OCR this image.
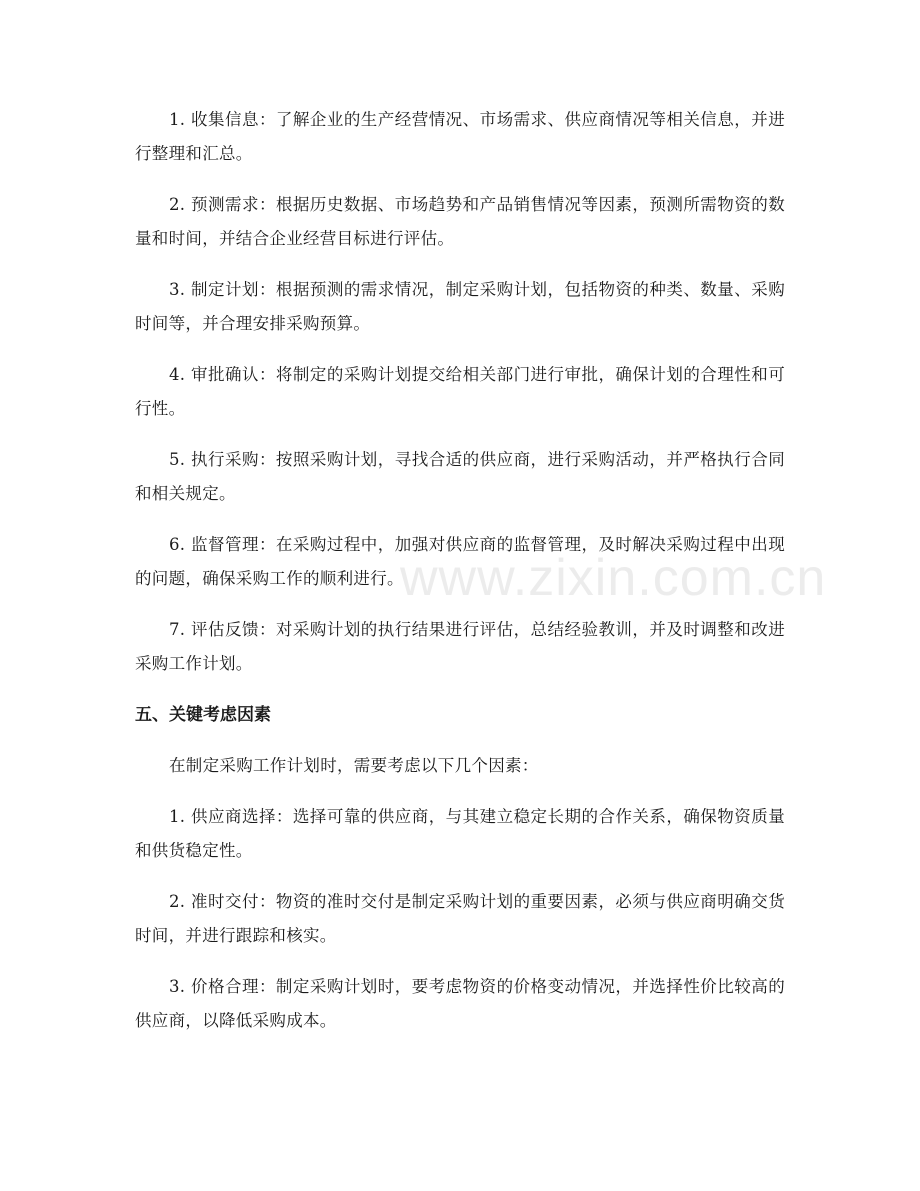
1. 收集信息：了解企业的生产经营情况、市场需求、供应商情况等相关信息，并进行整理和汇总。

2. 预测需求：根据历史数据、市场趋势和产品销售情况等因素，预测所需物资的数量和时间，并结合企业经营目标进行评估。

3. 制定计划：根据预测的需求情况，制定采购计划，包括物资的种类、数量、采购时间等，并合理安排采购预算。

4. 审批确认：将制定的采购计划提交给相关部门进行审批，确保计划的合理性和可行性。

5. 执行采购：按照采购计划，寻找合适的供应商，进行采购活动，并严格执行合同和相关规定。

6. 监督管理：在采购过程中，加强对供应商的监督管理，及时解决采购过程中出现的问题，确保采购工作的顺利进行。

7. 评估反馈：对采购计划的执行结果进行评估，总结经验教训，并及时调整和改进采购工作计划。

五、关键考虑因素

在制定采购工作计划时，需要考虑以下几个因素：

1. 供应商选择：选择可靠的供应商，与其建立稳定长期的合作关系，确保物资质量和供货稳定性。

2. 准时交付：物资的准时交付是制定采购计划的重要因素，必须与供应商明确交货时间，并进行跟踪和核实。

3. 价格合理：制定采购计划时，要考虑物资的价格变动情况，并选择性价比较高的供应商，以降低采购成本。

www.zixin.com.cn
